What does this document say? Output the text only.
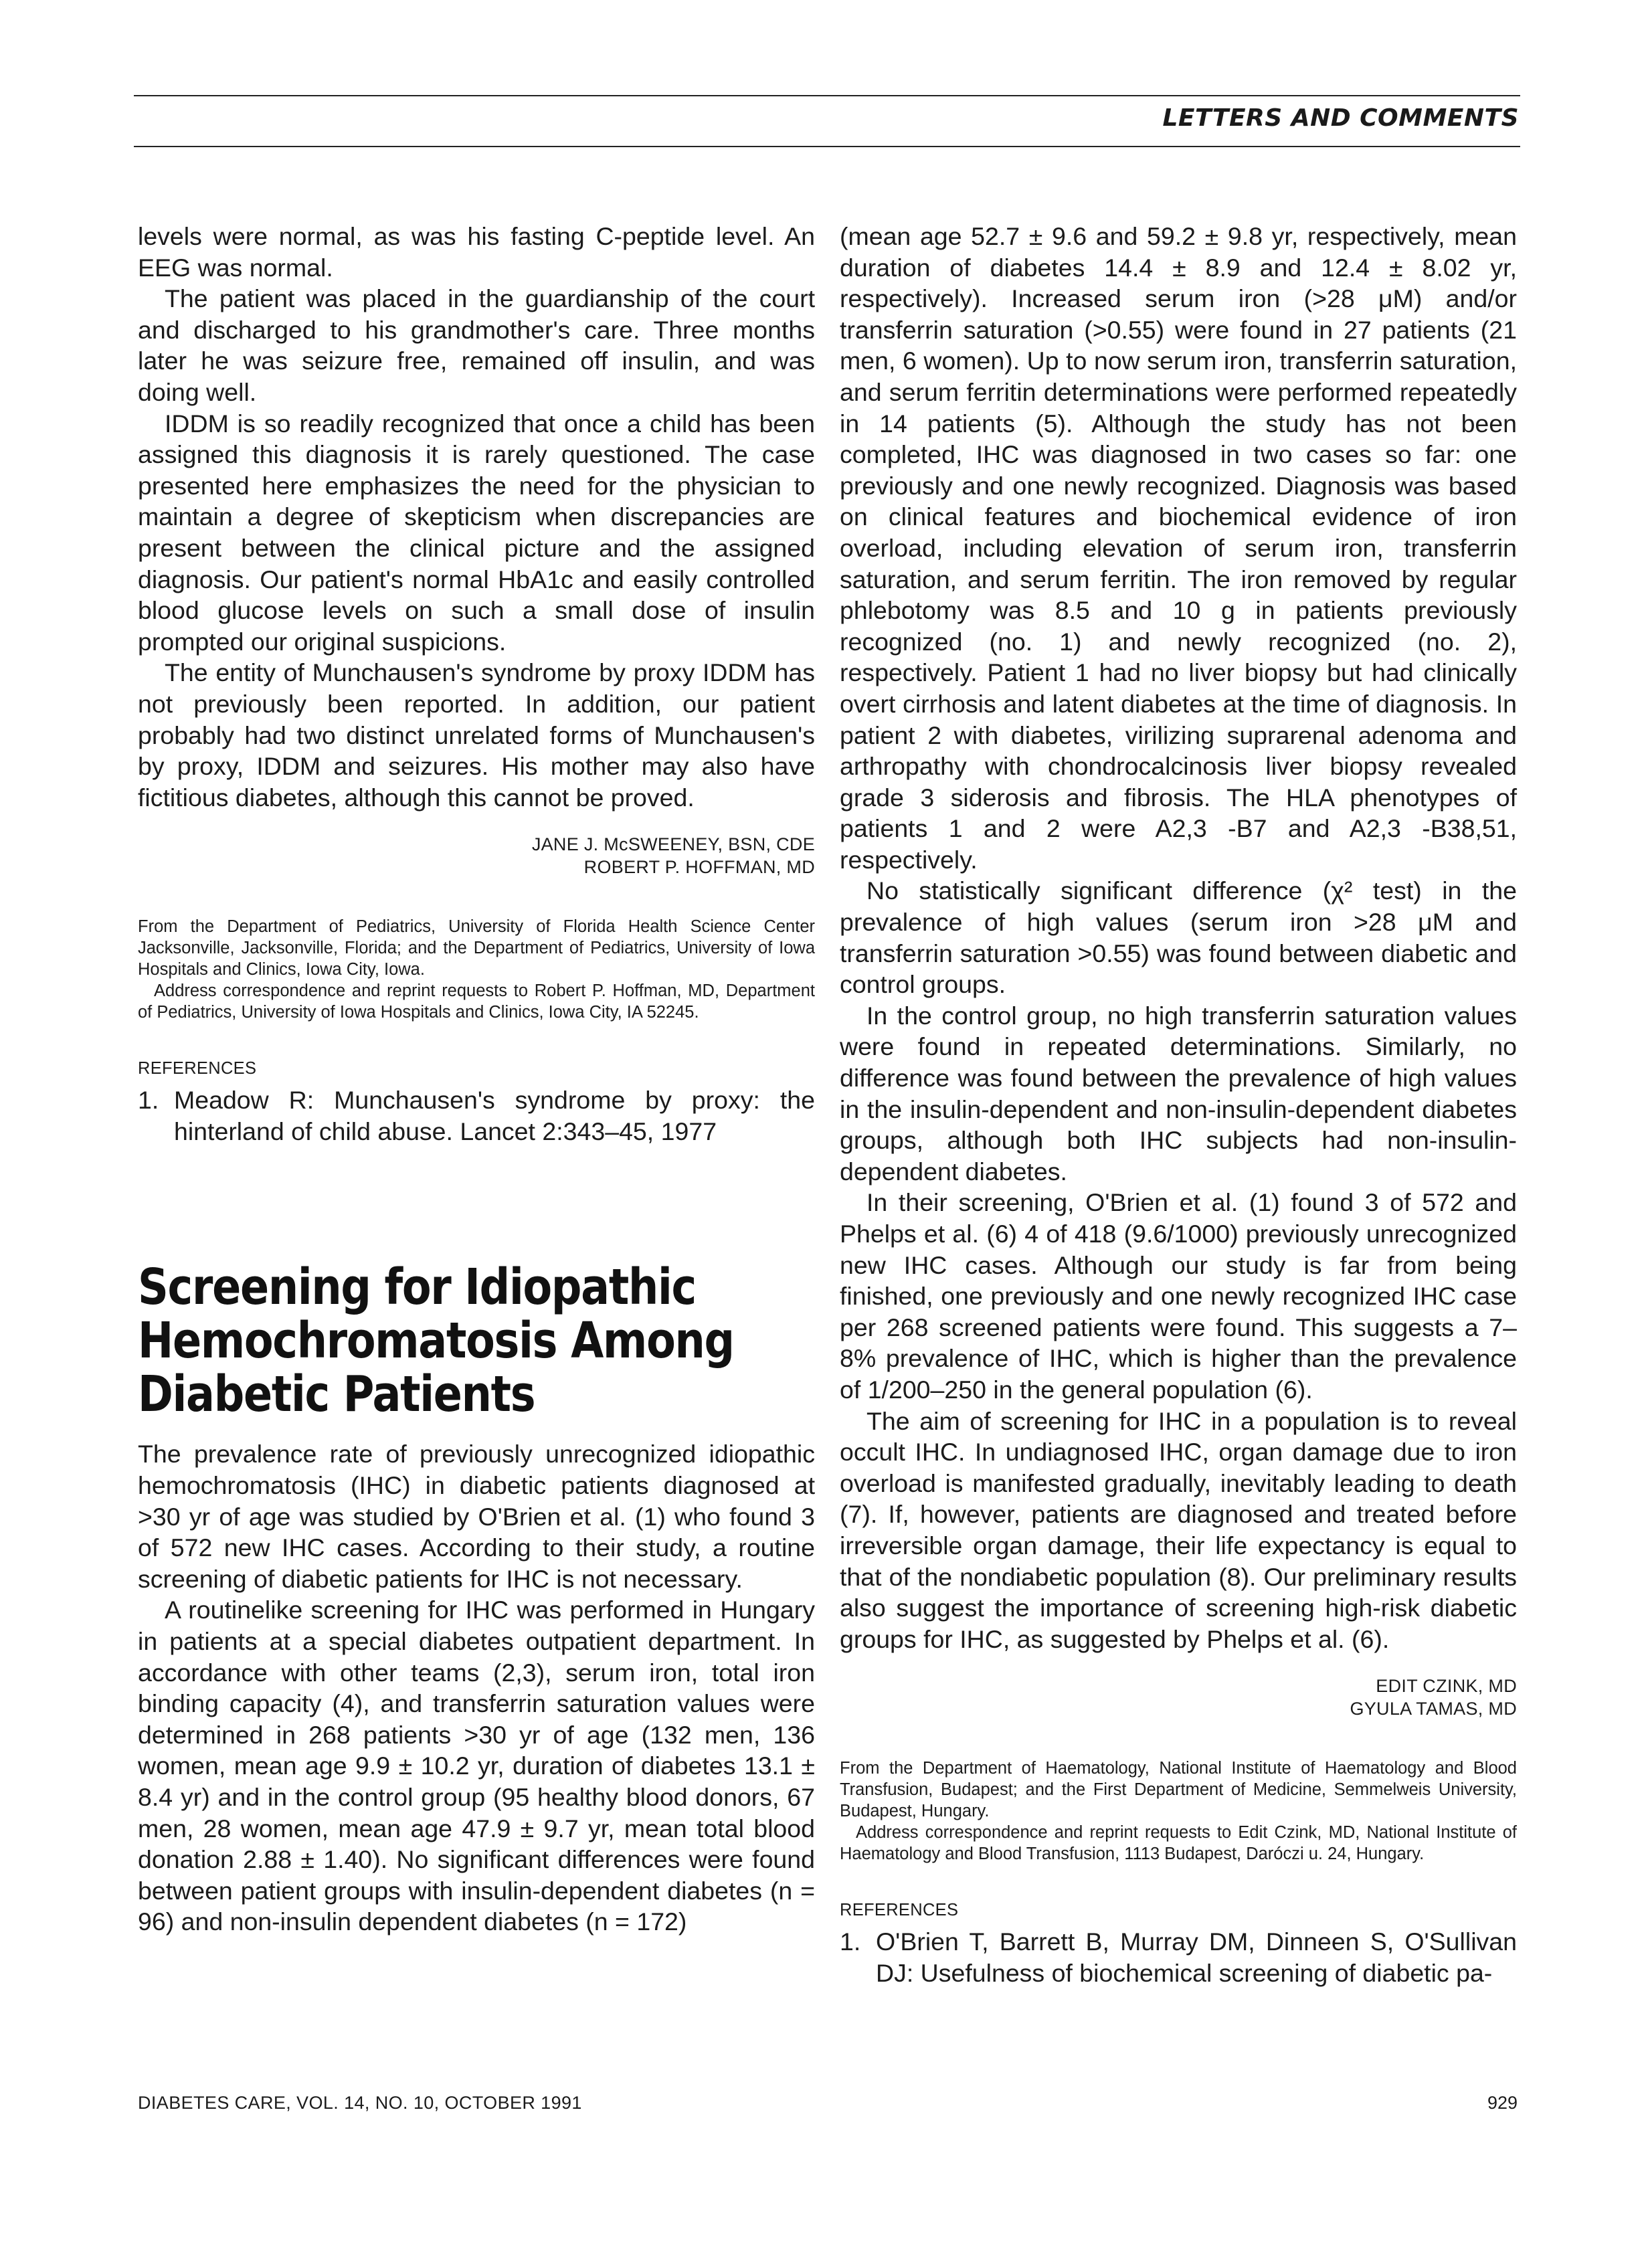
LETTERS AND COMMENTS

levels were normal, as was his fasting C-peptide level. An EEG was normal.

The patient was placed in the guardianship of the court and discharged to his grandmother's care. Three months later he was seizure free, remained off insulin, and was doing well.

IDDM is so readily recognized that once a child has been assigned this diagnosis it is rarely questioned. The case presented here emphasizes the need for the physician to maintain a degree of skepticism when discrepancies are present between the clinical picture and the assigned diagnosis. Our patient's normal HbA1c and easily controlled blood glucose levels on such a small dose of insulin prompted our original suspicions.

The entity of Munchausen's syndrome by proxy IDDM has not previously been reported. In addition, our patient probably had two distinct unrelated forms of Munchausen's by proxy, IDDM and seizures. His mother may also have fictitious diabetes, although this cannot be proved.

JANE J. McSWEENEY, BSN, CDE
ROBERT P. HOFFMAN, MD

From the Department of Pediatrics, University of Florida Health Science Center Jacksonville, Jacksonville, Florida; and the Department of Pediatrics, University of Iowa Hospitals and Clinics, Iowa City, Iowa.

Address correspondence and reprint requests to Robert P. Hoffman, MD, Department of Pediatrics, University of Iowa Hospitals and Clinics, Iowa City, IA 52245.

REFERENCES
1. Meadow R: Munchausen's syndrome by proxy: the hinterland of child abuse. Lancet 2:343–45, 1977
Screening for Idiopathic Hemochromatosis Among Diabetic Patients

The prevalence rate of previously unrecognized idiopathic hemochromatosis (IHC) in diabetic patients diagnosed at >30 yr of age was studied by O'Brien et al. (1) who found 3 of 572 new IHC cases. According to their study, a routine screening of diabetic patients for IHC is not necessary.

A routinelike screening for IHC was performed in Hungary in patients at a special diabetes outpatient department. In accordance with other teams (2,3), serum iron, total iron binding capacity (4), and transferrin saturation values were determined in 268 patients >30 yr of age (132 men, 136 women, mean age 9.9 ± 10.2 yr, duration of diabetes 13.1 ± 8.4 yr) and in the control group (95 healthy blood donors, 67 men, 28 women, mean age 47.9 ± 9.7 yr, mean total blood donation 2.88 ± 1.40). No significant differences were found between patient groups with insulin-dependent diabetes (n = 96) and non-insulin dependent diabetes (n = 172)

(mean age 52.7 ± 9.6 and 59.2 ± 9.8 yr, respectively, mean duration of diabetes 14.4 ± 8.9 and 12.4 ± 8.02 yr, respectively). Increased serum iron (>28 μM) and/or transferrin saturation (>0.55) were found in 27 patients (21 men, 6 women). Up to now serum iron, transferrin saturation, and serum ferritin determinations were performed repeatedly in 14 patients (5). Although the study has not been completed, IHC was diagnosed in two cases so far: one previously and one newly recognized. Diagnosis was based on clinical features and biochemical evidence of iron overload, including elevation of serum iron, transferrin saturation, and serum ferritin. The iron removed by regular phlebotomy was 8.5 and 10 g in patients previously recognized (no. 1) and newly recognized (no. 2), respectively. Patient 1 had no liver biopsy but had clinically overt cirrhosis and latent diabetes at the time of diagnosis. In patient 2 with diabetes, virilizing suprarenal adenoma and arthropathy with chondrocalcinosis liver biopsy revealed grade 3 siderosis and fibrosis. The HLA phenotypes of patients 1 and 2 were A2,3 -B7 and A2,3 -B38,51, respectively.

No statistically significant difference (χ² test) in the prevalence of high values (serum iron >28 μM and transferrin saturation >0.55) was found between diabetic and control groups.

In the control group, no high transferrin saturation values were found in repeated determinations. Similarly, no difference was found between the prevalence of high values in the insulin-dependent and non-insulin-dependent diabetes groups, although both IHC subjects had non-insulin-dependent diabetes.

In their screening, O'Brien et al. (1) found 3 of 572 and Phelps et al. (6) 4 of 418 (9.6/1000) previously unrecognized new IHC cases. Although our study is far from being finished, one previously and one newly recognized IHC case per 268 screened patients were found. This suggests a 7–8% prevalence of IHC, which is higher than the prevalence of 1/200–250 in the general population (6).

The aim of screening for IHC in a population is to reveal occult IHC. In undiagnosed IHC, organ damage due to iron overload is manifested gradually, inevitably leading to death (7). If, however, patients are diagnosed and treated before irreversible organ damage, their life expectancy is equal to that of the nondiabetic population (8). Our preliminary results also suggest the importance of screening high-risk diabetic groups for IHC, as suggested by Phelps et al. (6).

EDIT CZINK, MD
GYULA TAMAS, MD

From the Department of Haematology, National Institute of Haematology and Blood Transfusion, Budapest; and the First Department of Medicine, Semmelweis University, Budapest, Hungary.

Address correspondence and reprint requests to Edit Czink, MD, National Institute of Haematology and Blood Transfusion, 1113 Budapest, Daróczi u. 24, Hungary.

REFERENCES
1. O'Brien T, Barrett B, Murray DM, Dinneen S, O'Sullivan DJ: Usefulness of biochemical screening of diabetic pa-
DIABETES CARE, VOL. 14, NO. 10, OCTOBER 1991	929
